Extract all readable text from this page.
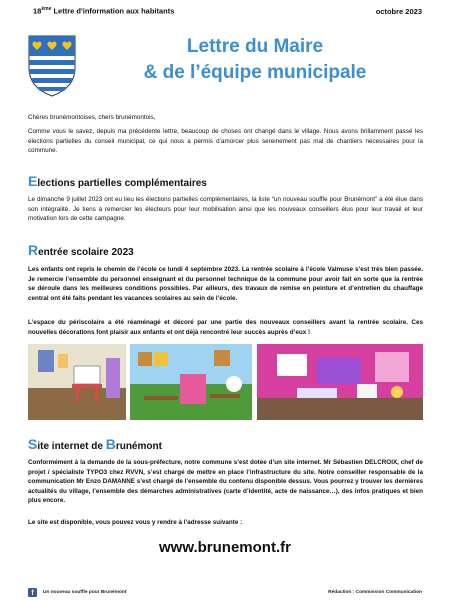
18ème Lettre d'information aux habitants	octobre 2023
Lettre du Maire
& de l’équipe municipale
Chères brunémontoises, chers brunémontois,
Comme vous le savez, depuis ma précédente lettre, beaucoup de choses ont changé dans le village. Nous avons brillamment passé les élections partielles du conseil municipal, ce qui nous a permis d’amorcer plus sereinement pas mal de chantiers nécessaires pour la commune.
Elections partielles complémentaires
Le dimanche 9 juillet 2023 ont eu lieu les élections partielles complémentaires, la liste “un nouveau souffle pour Brunémont” a été élue dans son intégralité. Je tiens à remercier les électeurs pour leur mobilisation ainsi que les nouveaux conseillers élus pour leur travail et leur motivation lors de cette campagne.
Rentrée scolaire 2023
Les enfants ont repris le chemin de l’école ce lundi 4 septembre 2023. La rentrée scolaire à l’école Valmuse s’est très bien passée. Je remercie l’ensemble du personnel enseignant et du personnel technique de la commune pour avoir fait en sorte que la rentrée se déroule dans les meilleures conditions possibles. Par ailleurs, des travaux de remise en peinture et d’entretien du chauffage central ont été faits pendant les vacances scolaires au sein de l’école.
L’espace du périscolaire a été réaménagé et décoré par une partie des nouveaux conseillers avant la rentrée scolaire. Ces nouvelles décorations font plaisir aux enfants et ont déjà rencontré leur succès auprès d’eux !
Site internet de Brunémont
Conformément à la demande de la sous-préfecture, notre commune s’est dotée d’un site internet. Mr Sébastien DELCROIX, chef de projet / spécialiste TYPO3 chez RVVN, s’est chargé de mettre en place l’infrastructure du site. Notre conseiller responsable de la communication Mr Enzo DAMANNE s’est chargé de l’ensemble du contenu disponible dessus. Vous pourrez y trouver les dernières actualités du village, l’ensemble des démarches administratives (carte d’identité, acte de naissance…), des infos pratiques et bien plus encore.
Le site est disponible, vous pouvez vous y rendre à l’adresse suivante :
www.brunemont.fr
f	Un nouveau souffle pour Brunémont	Rédaction : Commission Communication
